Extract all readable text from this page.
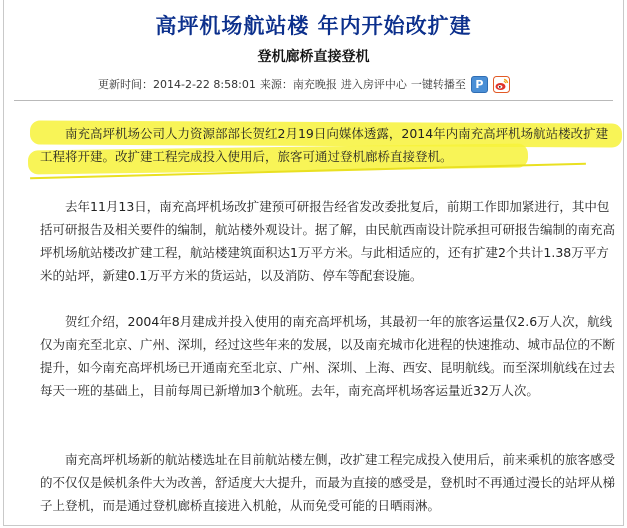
高坪机场航站楼 年内开始改扩建
登机廊桥直接登机
更新时间： 2014-2-22 8:58:01 来源： 南充晚报 进入房评中心 一键转播至
P

南充高坪机场公司人力资源部部长贺红2月19日向媒体透露，2014年内南充高坪机场航站楼改扩建工程将开建。改扩建工程完成投入使用后，旅客可通过登机廊桥直接登机。

去年11月13日，南充高坪机场改扩建预可研报告经省发改委批复后，前期工作即加紧进行，其中包括可研报告及相关要件的编制，航站楼外观设计。据了解，由民航西南设计院承担可研报告编制的南充高坪机场航站楼改扩建工程，航站楼建筑面积达1万平方米。与此相适应的，还有扩建2个共计1.38万平方米的站坪，新建0.1万平方米的货运站，以及消防、停车等配套设施。

贺红介绍，2004年8月建成并投入使用的南充高坪机场，其最初一年的旅客运量仅2.6万人次，航线仅为南充至北京、广州、深圳，经过这些年来的发展，以及南充城市化进程的快速推动、城市品位的不断提升，如今南充高坪机场已开通南充至北京、广州、深圳、上海、西安、昆明航线。而至深圳航线在过去每天一班的基础上，目前每周已新增加3个航班。去年，南充高坪机场客运量近32万人次。

南充高坪机场新的航站楼选址在目前航站楼左侧，改扩建工程完成投入使用后，前来乘机的旅客感受的不仅仅是候机条件大为改善，舒适度大大提升，而最为直接的感受是，登机时不再通过漫长的站坪从梯子上登机，而是通过登机廊桥直接进入机舱，从而免受可能的日晒雨淋。
